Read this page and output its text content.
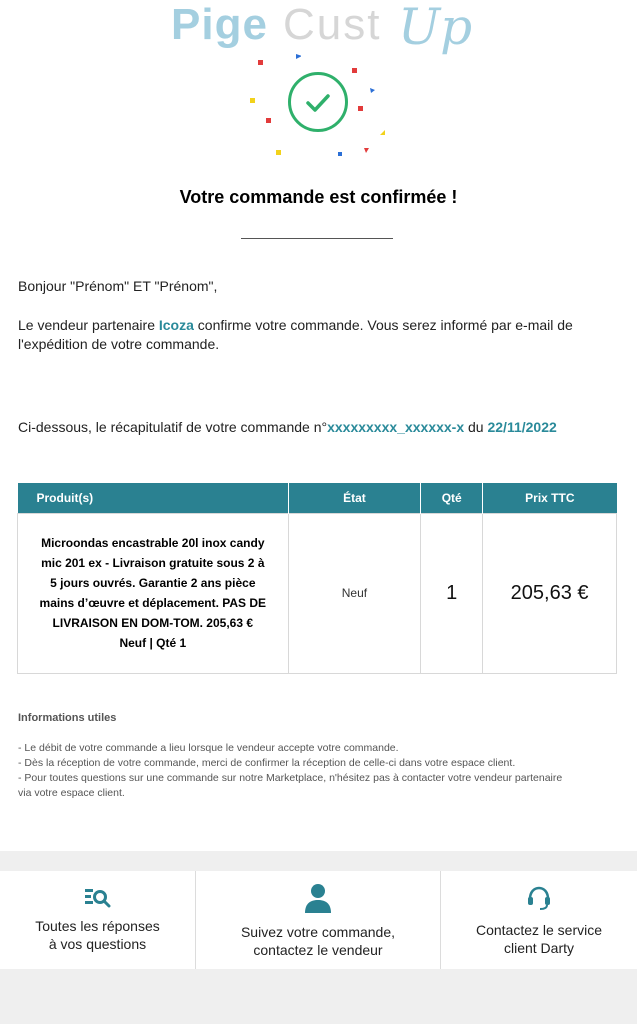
Pige Cust Up
Votre commande est confirmée !

Bonjour "Prénom" ET "Prénom",

Le vendeur partenaire Icoza confirme votre commande. Vous serez informé par e-mail de l'expédition de votre commande.

Ci-dessous, le récapitulatif de votre commande n°xxxxxxxxx_xxxxxx-x du 22/11/2022

Produit(s)	État	Qté	Prix TTC
Microondas encastrable 20l inox candy mic 201 ex - Livraison gratuite sous 2 à 5 jours ouvrés. Garantie 2 ans pièce mains d’œuvre et déplacement. PAS DE LIVRAISON EN DOM-TOM. 205,63 € Neuf | Qté 1	Neuf	1	205,63 €
Informations utiles
- Le débit de votre commande a lieu lorsque le vendeur accepte votre commande.
- Dès la réception de votre commande, merci de confirmer la réception de celle-ci dans votre espace client.
- Pour toutes questions sur une commande sur notre Marketplace, n'hésitez pas à contacter votre vendeur partenaire
via votre espace client.
Toutes les réponses
à vos questions
Suivez votre commande,
contactez le vendeur
Contactez le service
client Darty
